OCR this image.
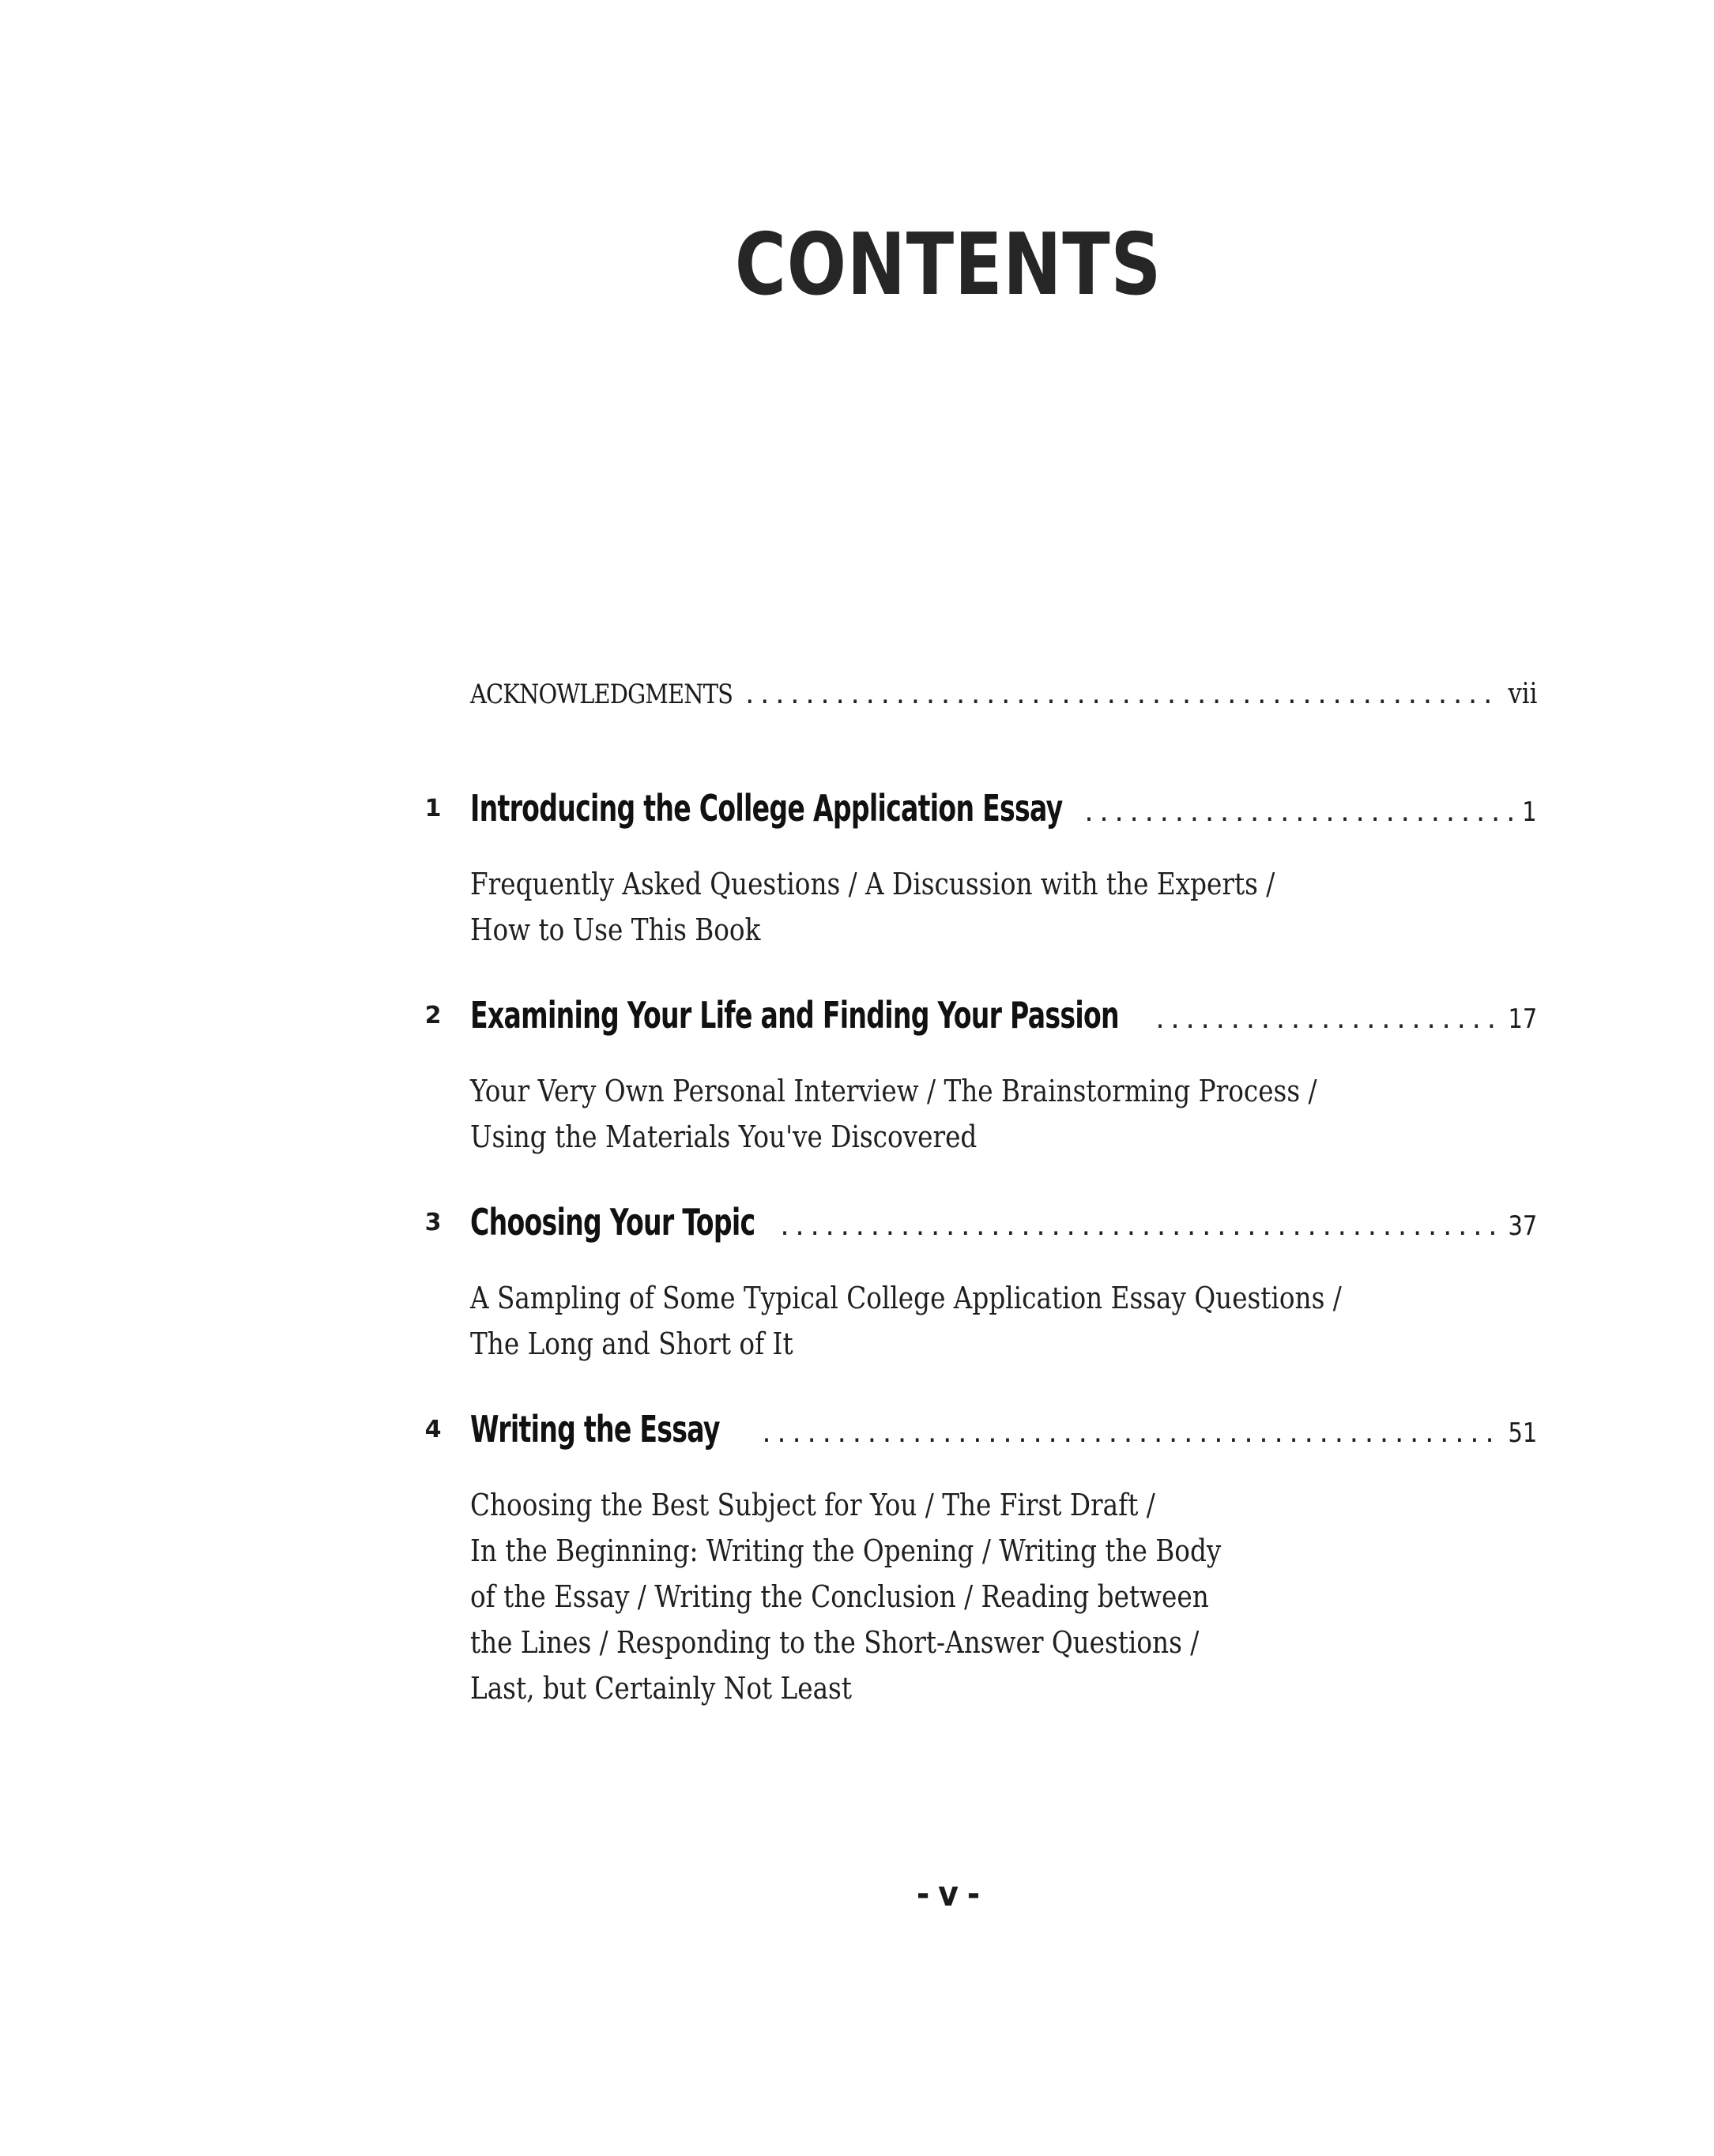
CONTENTS
ACKNOWLEDGMENTS .....	vii
1 Introducing the College Application Essay .....	1
Frequently Asked Questions / A Discussion with the Experts /
How to Use This Book
2 Examining Your Life and Finding Your Passion .....	17
Your Very Own Personal Interview / The Brainstorming Process /
Using the Materials You've Discovered
3 Choosing Your Topic .....	37
A Sampling of Some Typical College Application Essay Questions /
The Long and Short of It
4 Writing the Essay .....	51
Choosing the Best Subject for You / The First Draft /
In the Beginning: Writing the Opening / Writing the Body
of the Essay / Writing the Conclusion / Reading between
the Lines / Responding to the Short-Answer Questions /
Last, but Certainly Not Least
- v -
